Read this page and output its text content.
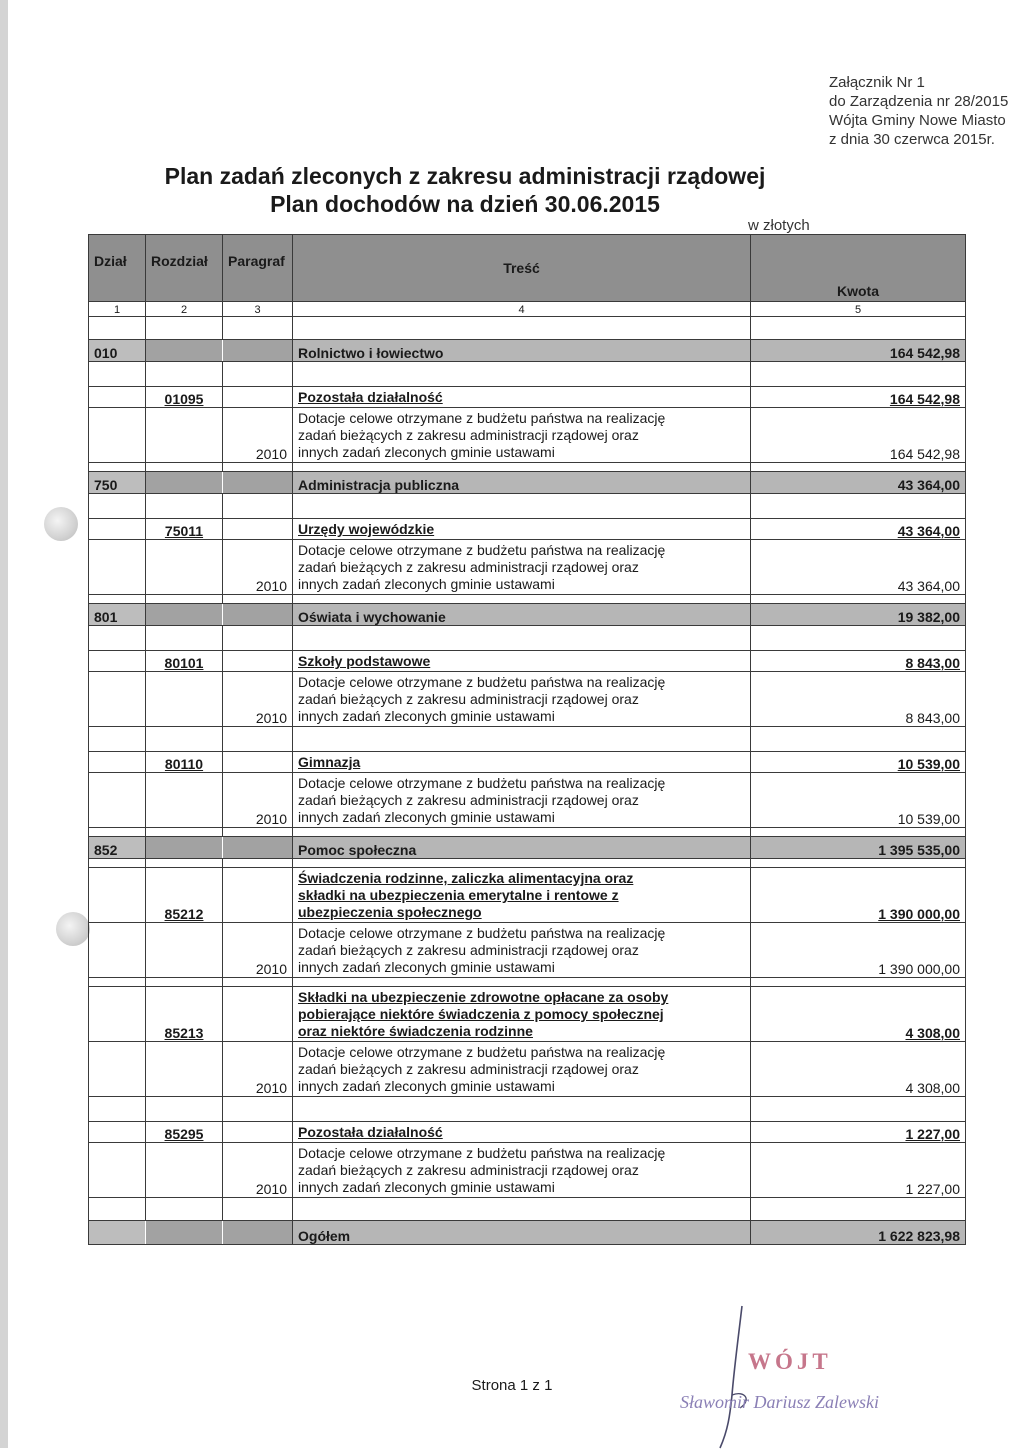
Załącznik Nr 1
do Zarządzenia nr 28/2015
Wójta Gminy Nowe Miasto
z dnia 30 czerwca 2015r.
Plan zadań zleconych z zakresu administracji rządowej
Plan dochodów na dzień 30.06.2015
w złotych
Dział	Rozdział	Paragraf	Treść	Kwota
1	2	3	4	5

010			Rolnictwo i łowiectwo	164 542,98

	01095		Pozostała działalność	164 542,98
		2010	Dotacje celowe otrzymane z budżetu państwa na realizację
zadań bieżących z zakresu administracji rządowej oraz
innych zadań zleconych gminie ustawami	164 542,98

750			Administracja publiczna	43 364,00

	75011		Urzędy wojewódzkie	43 364,00
		2010	Dotacje celowe otrzymane z budżetu państwa na realizację
zadań bieżących z zakresu administracji rządowej oraz
innych zadań zleconych gminie ustawami	43 364,00

801			Oświata i wychowanie	19 382,00

	80101		Szkoły podstawowe	8 843,00
		2010	Dotacje celowe otrzymane z budżetu państwa na realizację
zadań bieżących z zakresu administracji rządowej oraz
innych zadań zleconych gminie ustawami	8 843,00

	80110		Gimnazja	10 539,00
		2010	Dotacje celowe otrzymane z budżetu państwa na realizację
zadań bieżących z zakresu administracji rządowej oraz
innych zadań zleconych gminie ustawami	10 539,00

852			Pomoc społeczna	1 395 535,00

	85212		Świadczenia rodzinne, zaliczka alimentacyjna oraz
składki na ubezpieczenia emerytalne i rentowe z
ubezpieczenia społecznego	1 390 000,00
		2010	Dotacje celowe otrzymane z budżetu państwa na realizację
zadań bieżących z zakresu administracji rządowej oraz
innych zadań zleconych gminie ustawami	1 390 000,00

	85213		Składki na ubezpieczenie zdrowotne opłacane za osoby
pobierające niektóre świadczenia z pomocy społecznej
oraz niektóre świadczenia rodzinne	4 308,00
		2010	Dotacje celowe otrzymane z budżetu państwa na realizację
zadań bieżących z zakresu administracji rządowej oraz
innych zadań zleconych gminie ustawami	4 308,00

	85295		Pozostała działalność	1 227,00
		2010	Dotacje celowe otrzymane z budżetu państwa na realizację
zadań bieżących z zakresu administracji rządowej oraz
innych zadań zleconych gminie ustawami	1 227,00

			Ogółem	1 622 823,98
Strona 1 z 1
WÓJT
Sławomir Dariusz Zalewski
